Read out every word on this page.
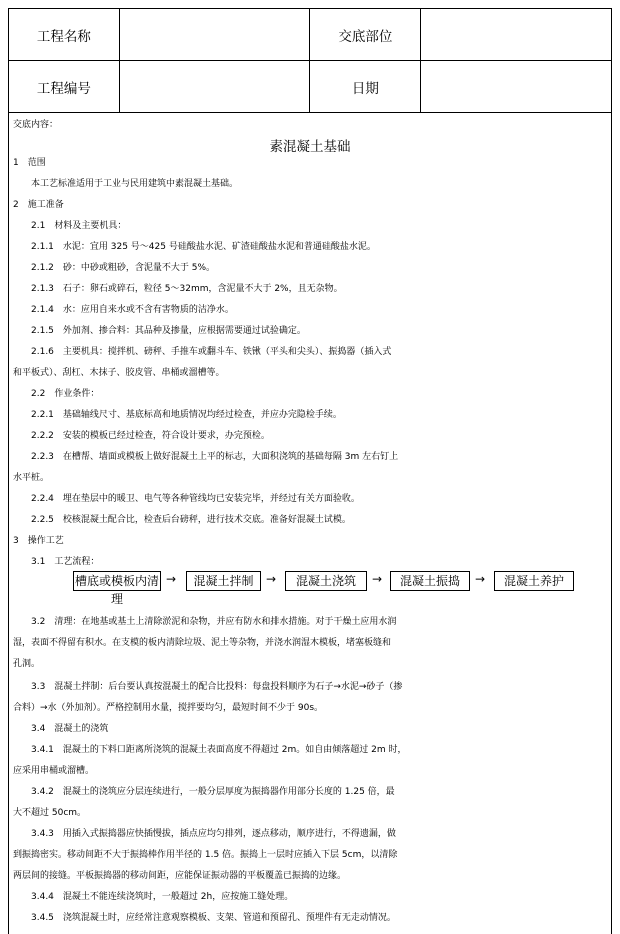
工程名称		交底部位	
工程编号		日期	
交底内容：
素混凝土基础
1　范围
　　本工艺标准适用于工业与民用建筑中素混凝土基础。
2　施工准备
　　2.1　材料及主要机具：
　　2.1.1　水泥：宜用 325 号～425 号硅酸盐水泥、矿渣硅酸盐水泥和普通硅酸盐水泥。
　　2.1.2　砂：中砂或粗砂，含泥量不大于 5%。
　　2.1.3　石子：卵石或碎石，粒径 5～32mm，含泥量不大于 2%，且无杂物。
　　2.1.4　水：应用自来水或不含有害物质的洁净水。
　　2.1.5　外加剂、掺合料：其品种及掺量，应根据需要通过试验确定。
　　2.1.6　主要机具：搅拌机、磅秤、手推车或翻斗车、铁锹（平头和尖头）、振捣器（插入式
和平板式）、刮杠、木抹子、胶皮管、串桶或溜槽等。
　　2.2　作业条件：
　　2.2.1　基础轴线尺寸、基底标高和地质情况均经过检查，并应办完隐检手续。
　　2.2.2　安装的模板已经过检查，符合设计要求，办完预检。
　　2.2.3　在槽帮、墙面或模板上做好混凝土上平的标志，大面积浇筑的基础每隔 3m 左右钉上
水平桩。
　　2.2.4　埋在垫层中的暖卫、电气等各种管线均已安装完毕，并经过有关方面验收。
　　2.2.5　校核混凝土配合比，检查后台磅秤，进行技术交底。准备好混凝土试模。
3　操作工艺
　　3.1　工艺流程：
槽底或模板内清理
→	混凝土拌制	→	混凝土浇筑	→	混凝土振捣	→	混凝土养护
　　3.2　清理：在地基或基土上清除淤泥和杂物，并应有防水和排水措施。对于干燥土应用水润
湿，表面不得留有积水。在支模的板内清除垃圾、泥土等杂物，并浇水润湿木模板，堵塞板缝和
孔洞。
　　3.3　混凝土拌制：后台要认真按混凝土的配合比投料：每盘投料顺序为石子→水泥→砂子（掺
合料）→水（外加剂）。严格控制用水量，搅拌要均匀，最短时间不少于 90s。
　　3.4　混凝土的浇筑
　　3.4.1　混凝土的下料口距离所浇筑的混凝土表面高度不得超过 2m。如自由倾落超过 2m 时，
应采用串桶或溜槽。
　　3.4.2　混凝土的浇筑应分层连续进行，一般分层厚度为振捣器作用部分长度的 1.25 倍，最
大不超过 50cm。
　　3.4.3　用插入式振捣器应快插慢拔，插点应均匀排列，逐点移动，顺序进行，不得遗漏，做
到振捣密实。移动间距不大于振捣棒作用半径的 1.5 倍。振捣上一层时应插入下层 5cm，以清除
两层间的接缝。平板振捣器的移动间距，应能保证振动器的平板覆盖已振捣的边缘。
　　3.4.4　混凝土不能连续浇筑时，一般超过 2h，应按施工缝处理。
　　3.4.5　浇筑混凝土时，应经常注意观察模板、支架、管道和预留孔、预埋件有无走动情况。
